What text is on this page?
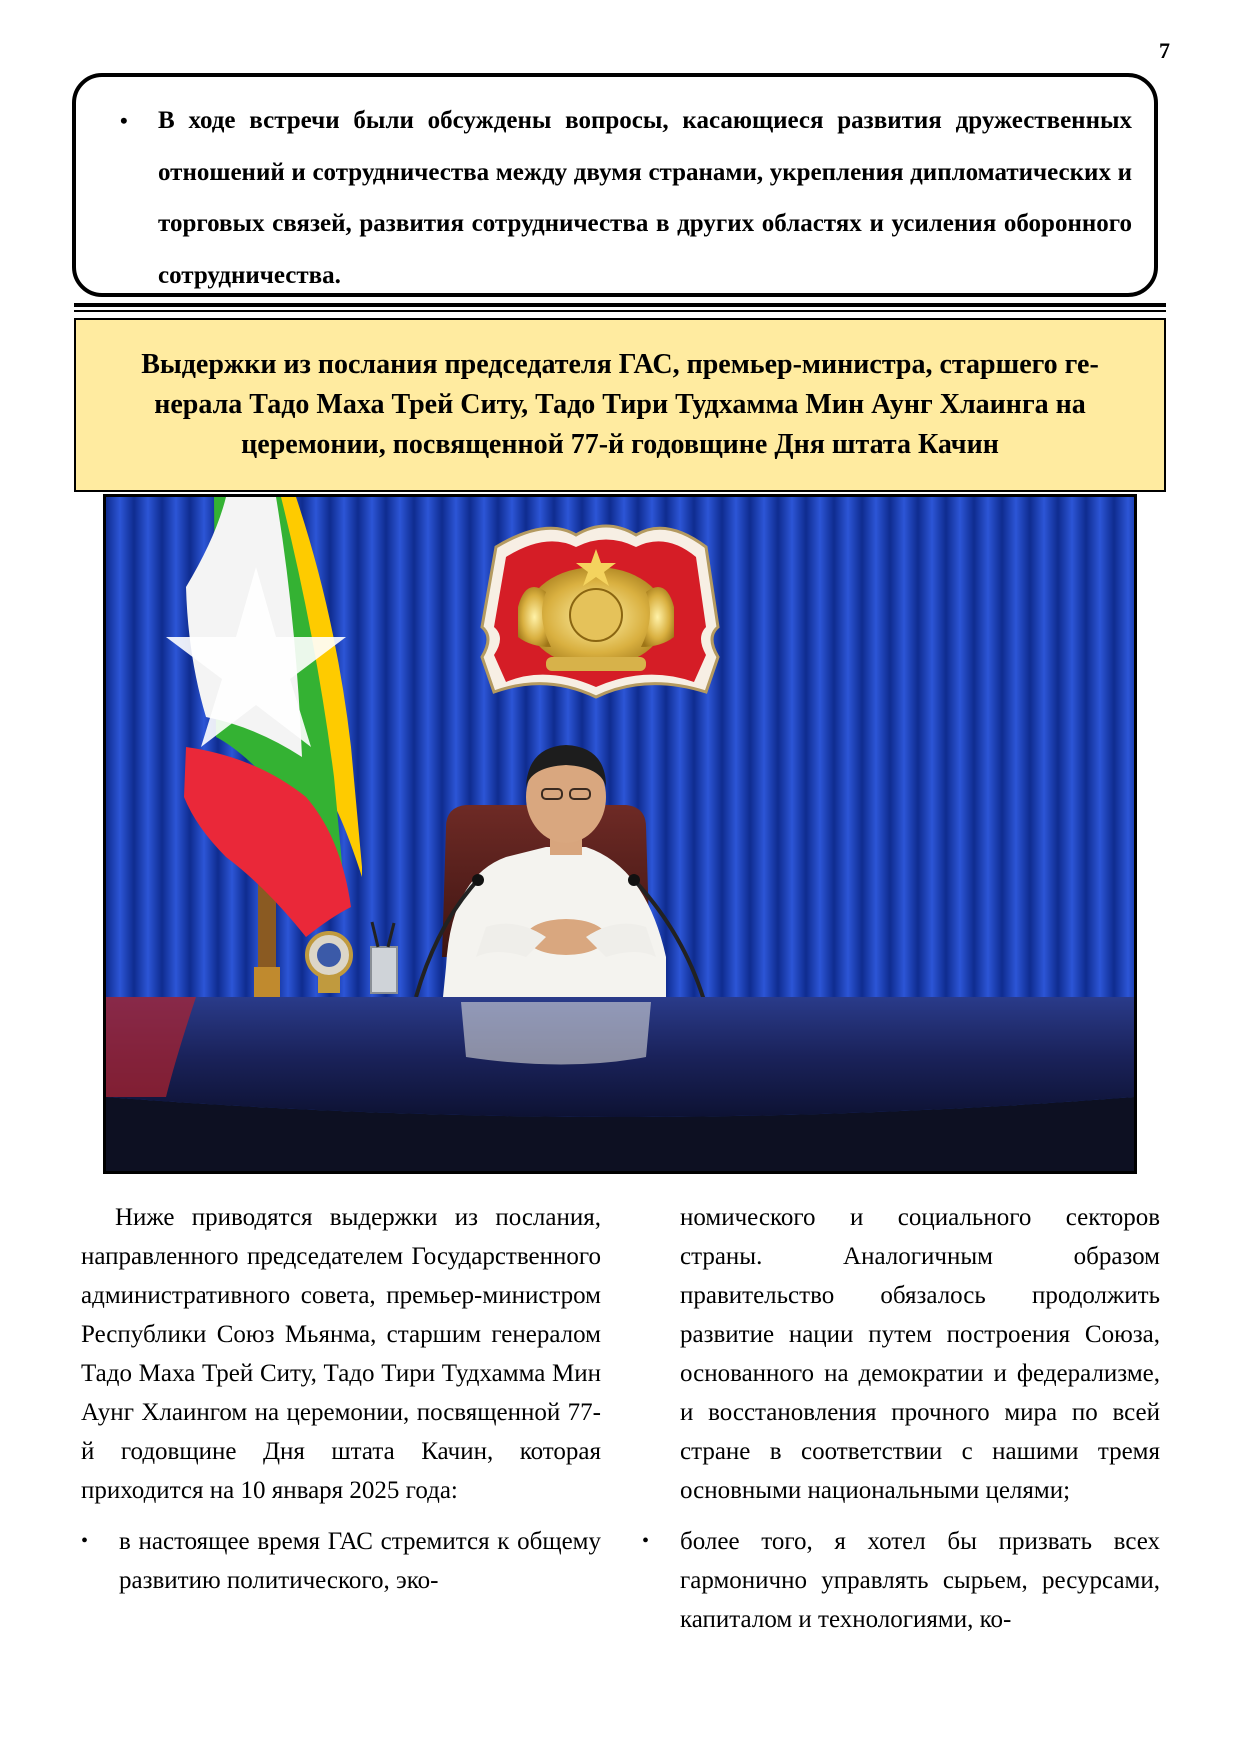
7
• В ходе встречи были обсуждены вопросы, касающиеся развития дружественных отношений и сотрудничества между двумя странами, укрепления дипломатических и торговых связей, развития сотрудничества в других областях и усиления оборонного сотрудничества.
Выдержки из послания председателя ГАС, премьер-министра, старшего ге-
нерала Тадо Маха Трей Ситу, Тадо Тири Тудхамма Мин Аунг Хлаинга на
церемонии, посвященной 77-й годовщине Дня штата Качин

Ниже приводятся выдержки из послания, направленного председателем Государственного административного совета, премьер-министром Республики Союз Мьянма, старшим генералом Тадо Маха Трей Ситу, Тадо Тири Тудхамма Мин Аунг Хлаингом на церемонии, посвященной 77-й годовщине Дня штата Качин, которая приходится на 10 января 2025 года:

• в настоящее время ГАС стремится к общему развитию политического, эко-

номического и социального секторов страны. Аналогичным образом правительство обязалось продолжить развитие нации путем построения Союза, основанного на демократии и федерализме, и восстановления прочного мира по всей стране в соответствии с нашими тремя основными национальными целями;

• более того, я хотел бы призвать всех гармонично управлять сырьем, ресурсами, капиталом и технологиями, ко-
